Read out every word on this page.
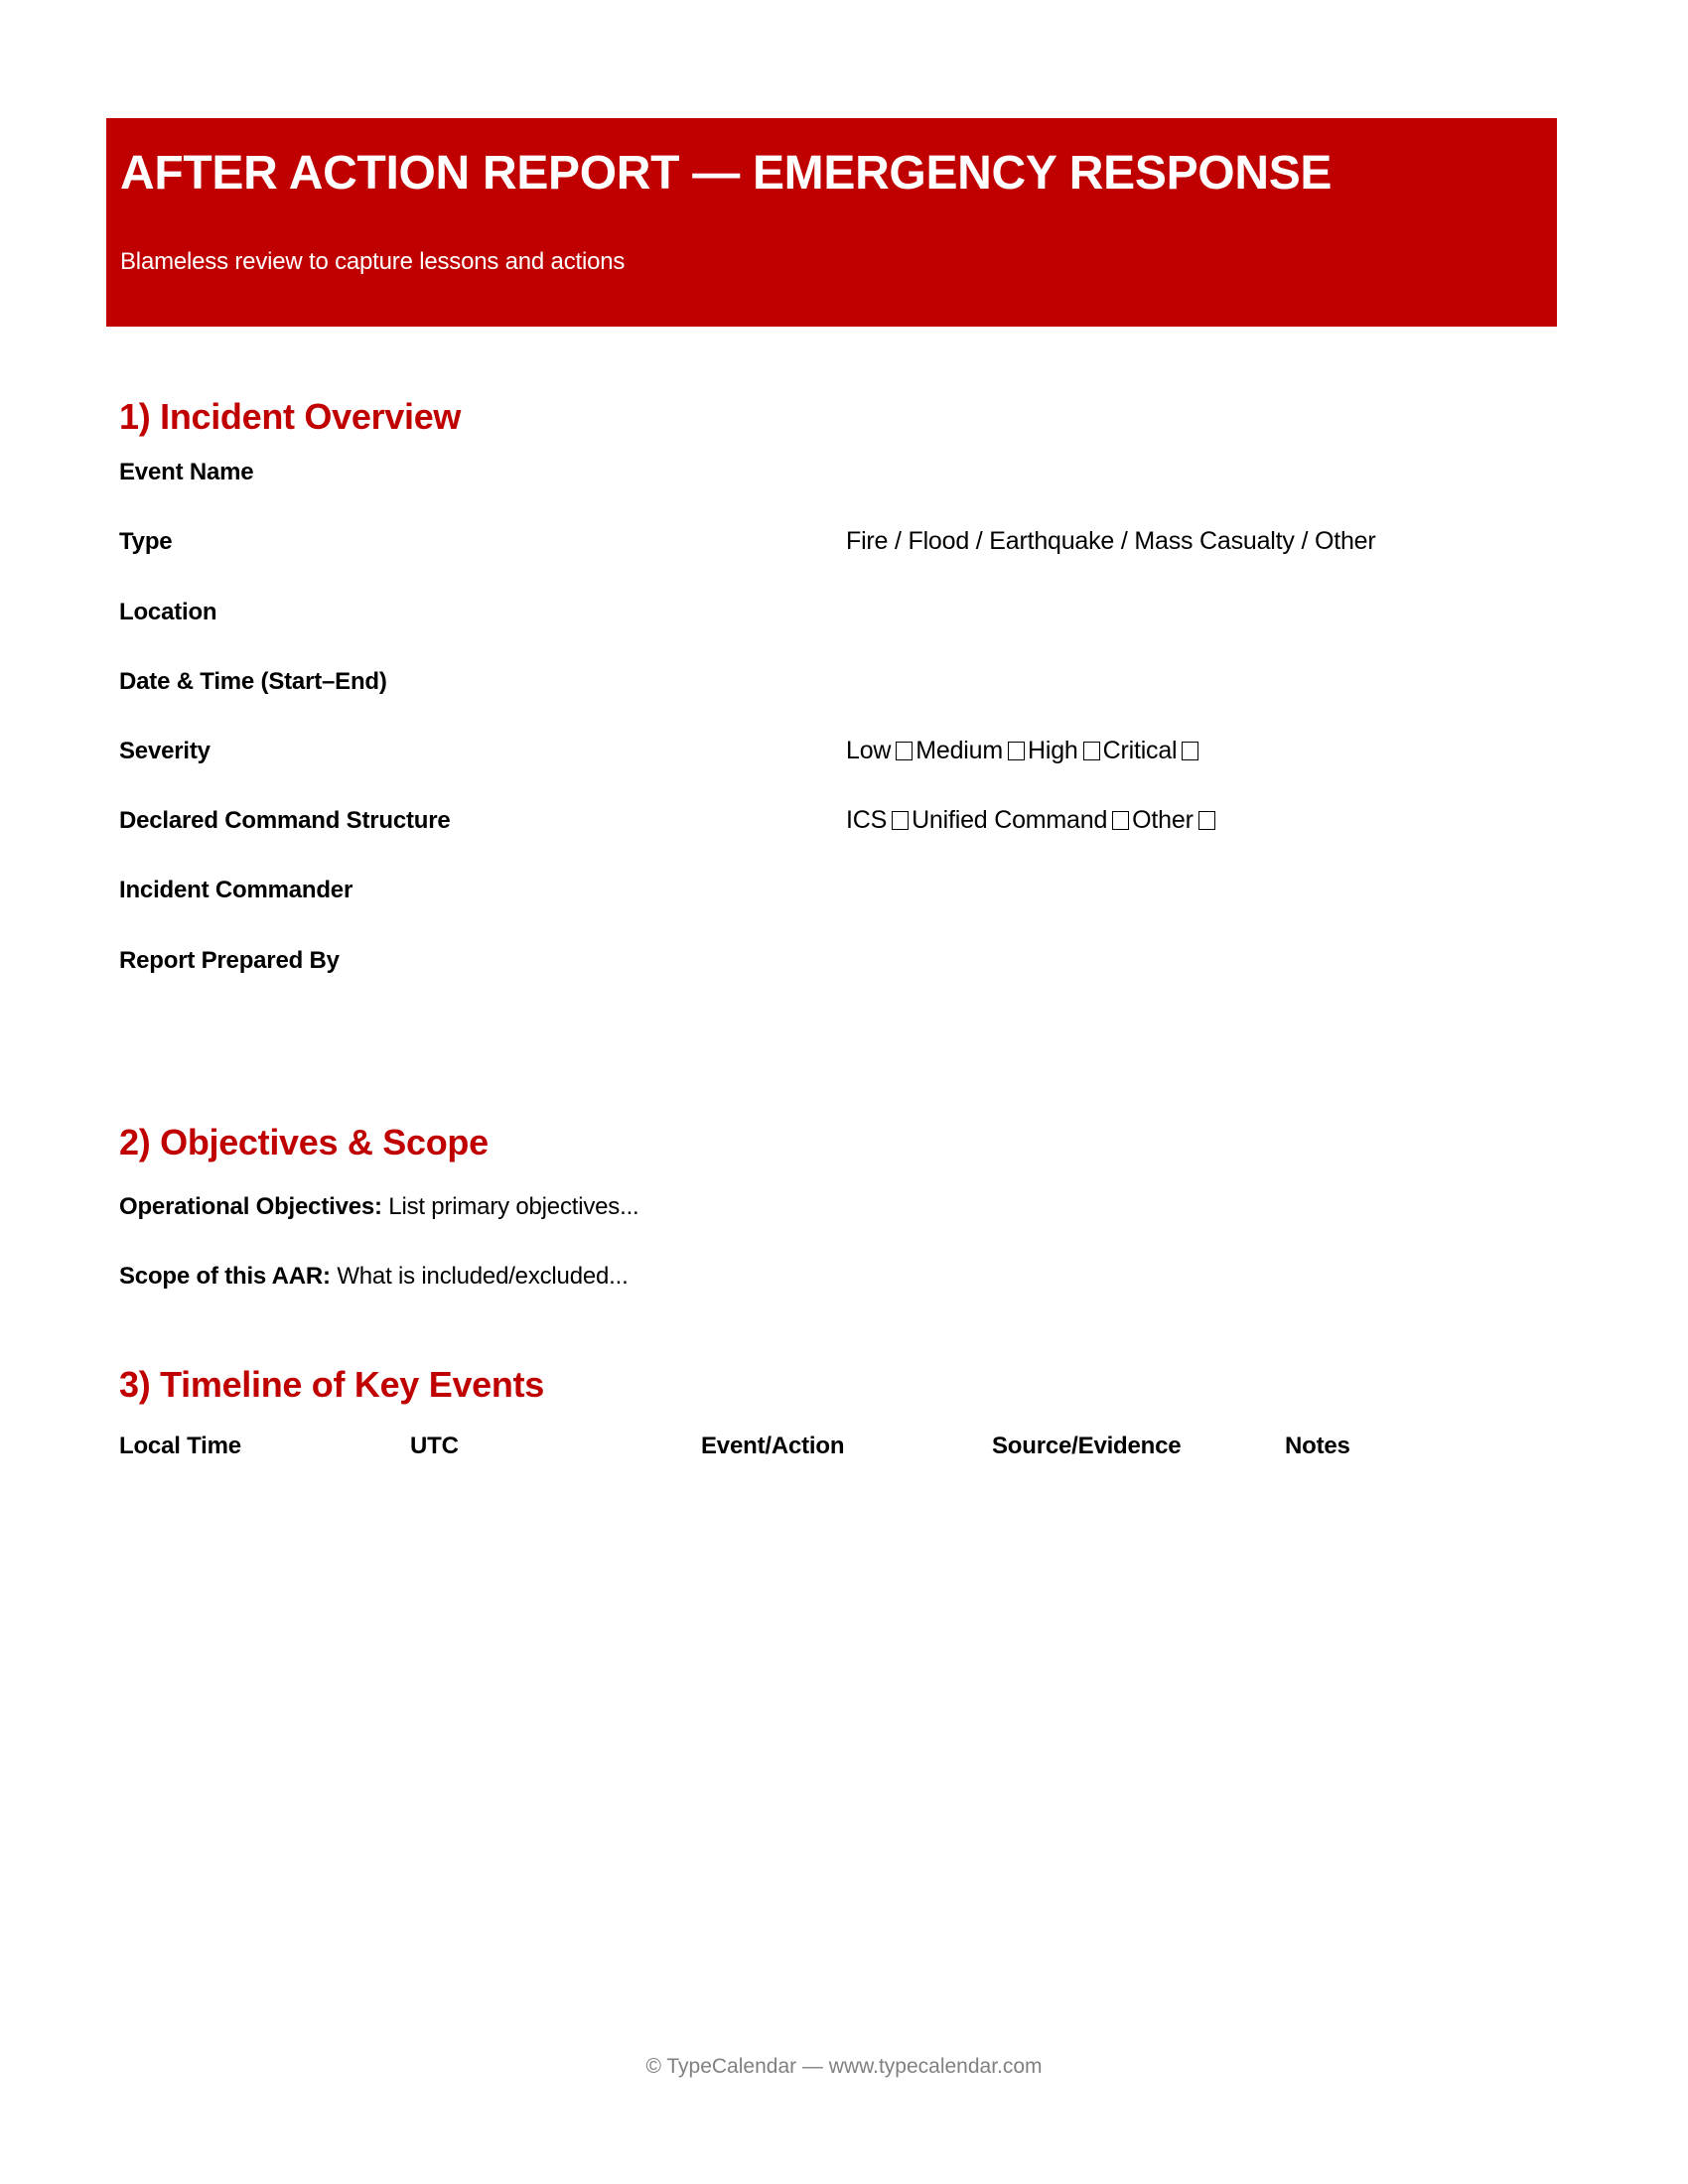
AFTER ACTION REPORT — EMERGENCY RESPONSE
Blameless review to capture lessons and actions
1) Incident Overview
Event Name
Type	Fire / Flood / Earthquake / Mass Casualty / Other
Location
Date & Time (Start–End)
Severity	Low Medium High Critical
Declared Command Structure	ICS Unified Command Other
Incident Commander
Report Prepared By
2) Objectives & Scope
Operational Objectives: List primary objectives...
Scope of this AAR: What is included/excluded...
3) Timeline of Key Events
Local Time	UTC	Event/Action	Source/Evidence	Notes
© TypeCalendar — www.typecalendar.com
